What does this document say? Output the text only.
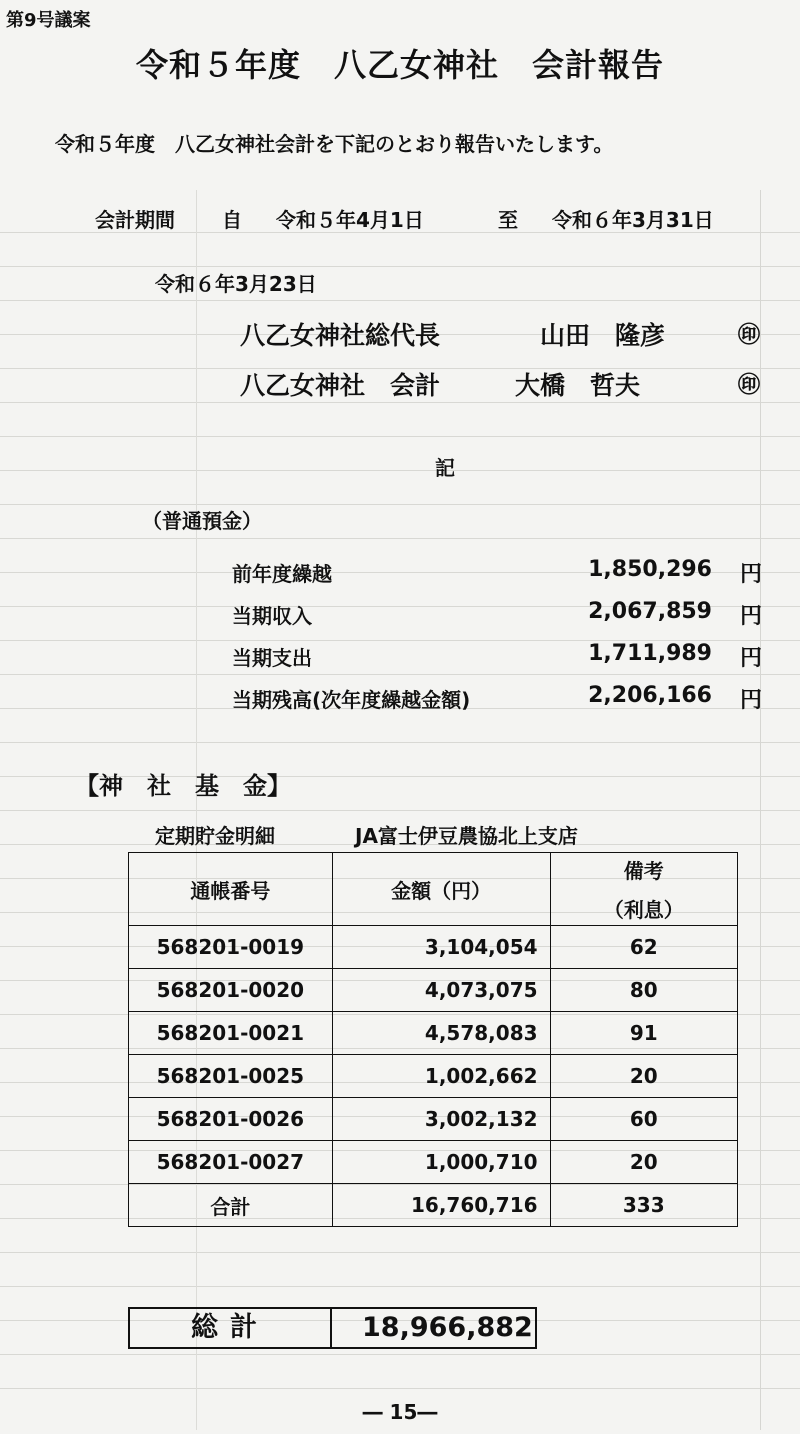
第9号議案
令和５年度　八乙女神社　会計報告
令和５年度　八乙女神社会計を下記のとおり報告いたします。
会計期間 自 令和５年4月1日	至 令和６年3月31日
令和６年3月23日
八乙女神社総代長	山田　隆彦	㊞
八乙女神社　会計	大橋　哲夫	㊞
記
（普通預金）
前年度繰越	1,850,296 円
当期収入	2,067,859 円
当期支出	1,711,989 円
当期残高(次年度繰越金額)	2,206,166 円
【神　社　基　金】
定期貯金明細	JA富士伊豆農協北上支店
通帳番号	金額（円）	備考
（利息）

568201-0019	3,104,054	62
568201-0020	4,073,075	80
568201-0021	4,578,083	91
568201-0025	1,002,662	20
568201-0026	3,002,132	60
568201-0027	1,000,710	20
合計	16,760,716	333
総計	18,966,882
― 15―
